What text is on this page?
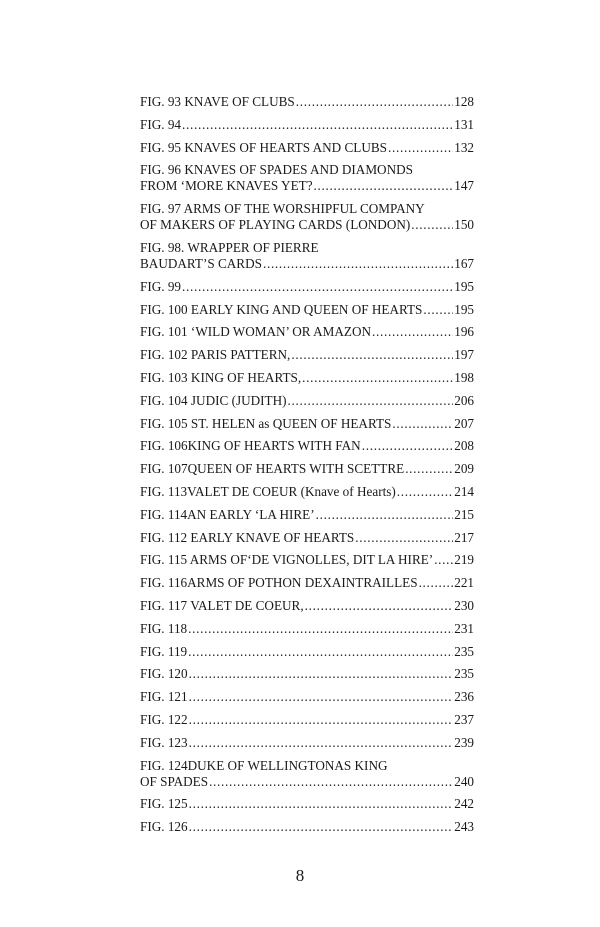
FIG. 93 KNAVE OF CLUBS . . .	128
FIG. 94 . . .	131
FIG. 95 KNAVES OF HEARTS AND CLUBS . . .	132
FIG. 96 KNAVES OF SPADES AND DIAMONDS
FROM ‘MORE KNAVES YET? . . .	147
FIG. 97 ARMS OF THE WORSHIPFUL COMPANY
OF MAKERS OF PLAYING CARDS (LONDON) . . .	150
FIG. 98. WRAPPER OF PIERRE
BAUDART’S CARDS . . .	167
FIG. 99 . . .	195
FIG. 100 EARLY KING AND QUEEN OF HEARTS . . . 195
FIG. 101 ‘WILD WOMAN’ OR AMAZON . . .	196
FIG. 102 PARIS PATTERN, . . .	197
FIG. 103 KING OF HEARTS, . . .	198
FIG. 104 JUDIC (JUDITH) . . .	206
FIG. 105 ST. HELEN as QUEEN OF HEARTS . . .	207
FIG. 106KING OF HEARTS WITH FAN . . .	208
FIG. 107QUEEN OF HEARTS WITH SCETTRE . . .	209
FIG. 113VALET DE COEUR (Knave of Hearts) . . .	214
FIG. 114AN EARLY ‘LA HIRE’ . . .	215
FIG. 112 EARLY KNAVE OF HEARTS . . .	217
FIG. 115 ARMS OF‘DE VIGNOLLES, DIT LA HIRE’ . . . 219
FIG. 116ARMS OF POTHON DEXAINTRAILLES . . .	221
FIG. 117 VALET DE COEUR, . . .	230
FIG. 118 . . .	231
FIG. 119 . . .	235
FIG. 120 . . .	235
FIG. 121 . . .	236
FIG. 122 . . .	237
FIG. 123 . . .	239
FIG. 124DUKE OF WELLINGTONAS KING
OF SPADES . . .	240
FIG. 125 . . .	242
FIG. 126 . . .	243
8
